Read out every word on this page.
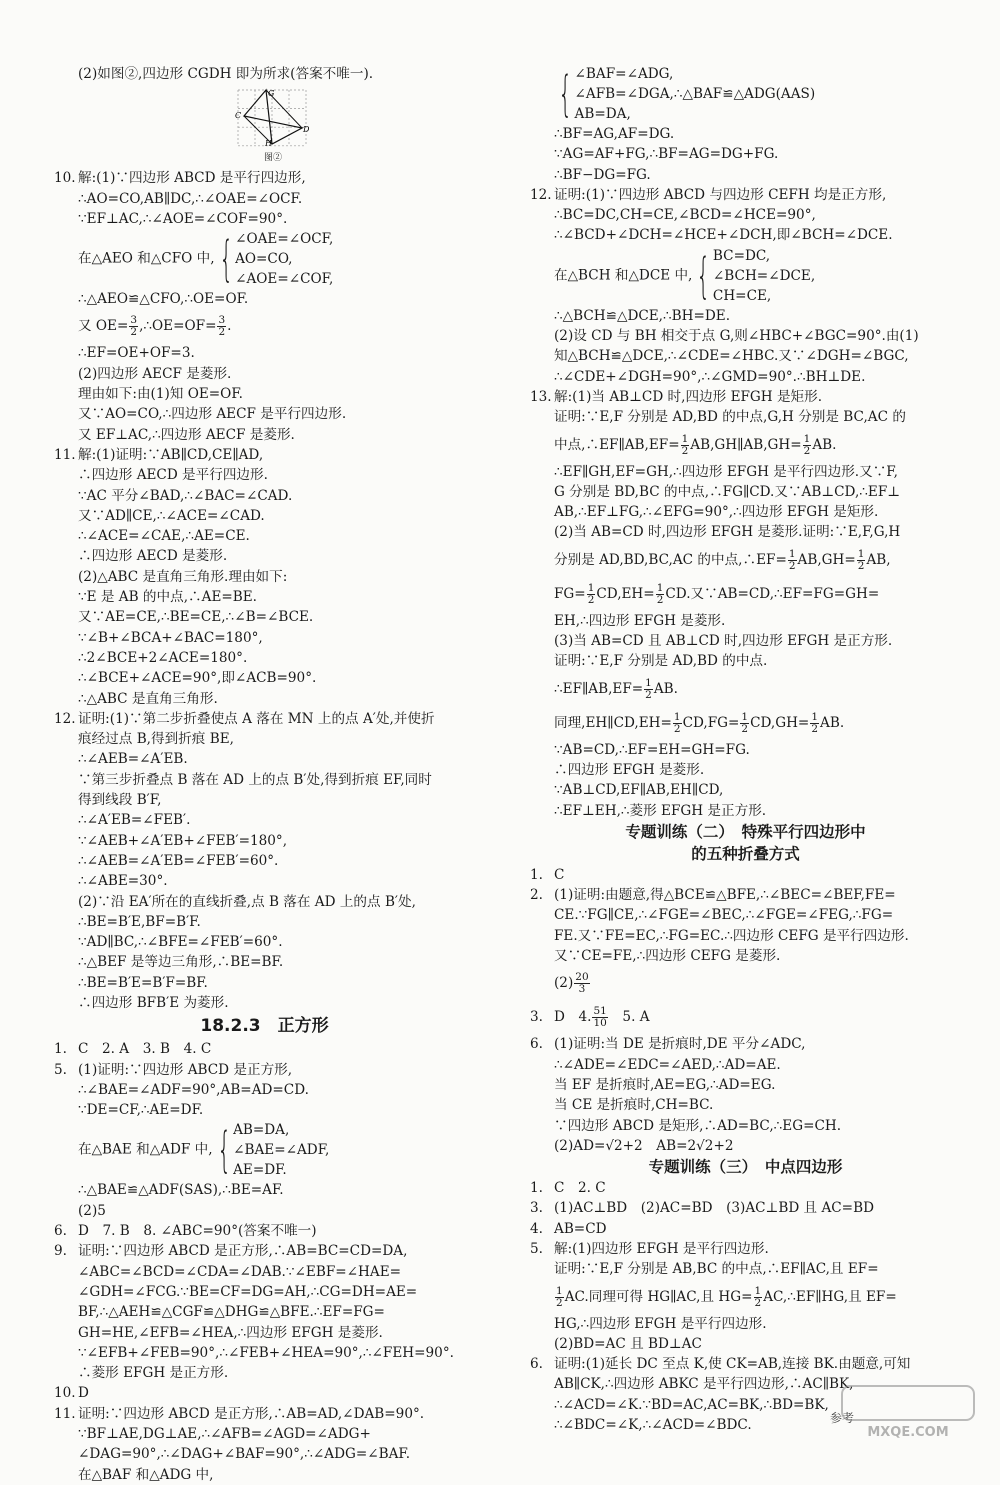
(2)如图②,四边形 CGDH 即为所求(答案不唯一).
G
C
D
H
图②
10. 解:(1)∵四边形 ABCD 是平行四边形,
∴AO=CO,AB∥DC,∴∠OAE=∠OCF.
∵EF⊥AC,∴∠AOE=∠COF=90°.
在△AEO 和△CFO 中, { ∠OAE=∠OCF,
AO=CO,
∠AOE=∠COF,
∴△AEO≌△CFO,∴OE=OF.
又 $OE= \frac{3}{2}$ ,∴OE=OF= $\frac{3}{2}$ .
∴EF=OE+OF=3.
(2)四边形 AECF 是菱形.
理由如下:由(1)知 OE=OF.
又∵AO=CO,∴四边形 AECF 是平行四边形.
又 EF⊥AC,∴四边形 AECF 是菱形.
11. 解:(1)证明:∵AB∥CD,CE∥AD,
∴四边形 AECD 是平行四边形.
∵AC 平分∠BAD,∴∠BAC=∠CAD.
又∵AD∥CE,∴∠ACE=∠CAD.
∴∠ACE=∠CAE,∴AE=CE.
∴四边形 AECD 是菱形.
(2)△ABC 是直角三角形.理由如下:
∵E 是 AB 的中点,∴AE=BE.
又∵AE=CE,∴BE=CE,∴∠B=∠BCE.
∵∠B+∠BCA+∠BAC=180°,
∴2∠BCE+2∠ACE=180°.
∴∠BCE+∠ACE=90°,即∠ACB=90°.
∴△ABC 是直角三角形.
12. 证明:(1)∵第二步折叠使点 A 落在 MN 上的点 A′处,并使折
痕经过点 B,得到折痕 BE,
∴∠AEB=∠A′EB.
∵第三步折叠点 B 落在 AD 上的点 B′处,得到折痕 EF,同时
得到线段 B′F,
∴∠A′EB=∠FEB′.
∵∠AEB+∠A′EB+∠FEB′=180°,
∴∠AEB=∠A′EB=∠FEB′=60°.
∴∠ABE=30°.
(2)∵沿 EA′所在的直线折叠,点 B 落在 AD 上的点 B′处,
∴BE=B′E,BF=B′F.
∵AD∥BC,∴∠BFE=∠FEB′=60°.
∴△BEF 是等边三角形,∴BE=BF.
∴BE=B′E=B′F=BF.
∴四边形 BFB′E 为菱形.
18.2.3　正方形
1. C　2. A　3. B　4. C
5. (1)证明:∵四边形 ABCD 是正方形,
∴∠BAE=∠ADF=90°,AB=AD=CD.
∵DE=CF,∴AE=DF.
在△BAE 和△ADF 中, { AB=DA,
∠BAE=∠ADF,
AE=DF.
∴△BAE≌△ADF(SAS),∴BE=AF.
(2)5
6. D　7. B　8. ∠ABC=90°(答案不唯一)
9. 证明:∵四边形 ABCD 是正方形,∴AB=BC=CD=DA,
∠ABC=∠BCD=∠CDA=∠DAB.∵∠EBF=∠HAE=
∠GDH=∠FCG.∵BE=CF=DG=AH,∴CG=DH=AE=
BF,∴△AEH≌△CGF≌△DHG≌△BFE.∴EF=FG=
GH=HE,∠EFB=∠HEA,∴四边形 EFGH 是菱形.
∵∠EFB+∠FEB=90°,∴∠FEB+∠HEA=90°,∴∠FEH=90°.
∴菱形 EFGH 是正方形.
10. D
11. 证明:∵四边形 ABCD 是正方形,∴AB=AD,∠DAB=90°.
∵BF⊥AE,DG⊥AE,∴∠AFB=∠AGD=∠ADG+
∠DAG=90°,∴∠DAG+∠BAF=90°,∴∠ADG=∠BAF.
在△BAF 和△ADG 中,
{ ∠BAF=∠ADG,
∠AFB=∠DGA,∴△BAF≌△ADG(AAS)
AB=DA,
∴BF=AG,AF=DG.
∵AG=AF+FG,∴BF=AG=DG+FG.
∴BF−DG=FG.
12. 证明:(1)∵四边形 ABCD 与四边形 CEFH 均是正方形,
∴BC=DC,CH=CE,∠BCD=∠HCE=90°,
∴∠BCD+∠DCH=∠HCE+∠DCH,即∠BCH=∠DCE.
在△BCH 和△DCE 中, { BC=DC,
∠BCH=∠DCE,
CH=CE,
∴△BCH≌△DCE,∴BH=DE.
(2)设 CD 与 BH 相交于点 G,则∠HBC+∠BGC=90°.由(1)
知△BCH≌△DCE,∴∠CDE=∠HBC.又∵∠DGH=∠BGC,
∴∠CDE+∠DGH=90°,∴∠GMD=90°.∴BH⊥DE.
13. 解:(1)当 AB⊥CD 时,四边形 EFGH 是矩形.
证明:∵E,F 分别是 AD,BD 的中点,G,H 分别是 BC,AC 的
中点,∴EF∥AB,EF= $\frac{1}{2}$ AB,GH∥AB,GH= $\frac{1}{2}$ AB.
∴EF∥GH,EF=GH,∴四边形 EFGH 是平行四边形.又∵F,
G 分别是 BD,BC 的中点,∴FG∥CD.又∵AB⊥CD,∴EF⊥
AB,∴EF⊥FG,∴∠EFG=90°,∴四边形 EFGH 是矩形.
(2)当 AB=CD 时,四边形 EFGH 是菱形.证明:∵E,F,G,H
分别是 AD,BD,BC,AC 的中点,∴EF= $\frac{1}{2} AB,GH= \frac{1}{2}$ AB,
$FG= \frac{1}{2} CD,EH= \frac{1}{2}$ CD.又∵AB=CD,∴EF=FG=GH=
EH,∴四边形 EFGH 是菱形.
(3)当 AB=CD 且 AB⊥CD 时,四边形 EFGH 是正方形.
证明:∵E,F 分别是 AD,BD 的中点.
∴EF∥AB,EF= $\frac{1}{2}$ AB.
同理,EH∥CD,EH= $\frac{1}{2} CD,FG= \frac{1}{2} CD,GH= \frac{1}{2}$ AB.
∵AB=CD,∴EF=EH=GH=FG.
∴四边形 EFGH 是菱形.
∵AB⊥CD,EF∥AB,EH∥CD,
∴EF⊥EH,∴菱形 EFGH 是正方形.
专题训练（二）　特殊平行四边形中
的五种折叠方式
1. C
2. (1)证明:由题意,得△BCE≌△BFE,∴∠BEC=∠BEF,FE=
CE.∵FG∥CE,∴∠FGE=∠BEC,∴∠FGE=∠FEG,∴FG=
FE.又∵FE=EC,∴FG=EC.∴四边形 CEFG 是平行四边形.
又∵CE=FE,∴四边形 CEFG 是菱形.
$(2) \frac{20}{3}$
3. D　4. $\frac{51}{10}$ 　5. A
6. (1)证明:当 DE 是折痕时,DE 平分∠ADC,
∴∠ADE=∠EDC=∠AED,∴AD=AE.
当 EF 是折痕时,AE=EG,∴AD=EG.
当 CE 是折痕时,CH=BC.
∵四边形 ABCD 是矩形,∴AD=BC,∴EG=CH.
(2)AD=√2+2　AB=2√2+2
专题训练（三）　中点四边形
1. C　2. C
3. (1)AC⊥BD　(2)AC=BD　(3)AC⊥BD 且 AC=BD
4. AB=CD
5. 解:(1)四边形 EFGH 是平行四边形.
证明:∵E,F 分别是 AB,BC 的中点,∴EF∥AC,且 EF=
$\frac{1}{2}$ AC.同理可得 HG∥AC,且 $HG= \frac{1}{2}$ AC,∴EF∥HG,且 EF=
HG,∴四边形 EFGH 是平行四边形.
(2)BD=AC 且 BD⊥AC
6. 证明:(1)延长 DC 至点 K,使 CK=AB,连接 BK.由题意,可知
AB∥CK,∴四边形 ABKC 是平行四边形,∴AC∥BK,
∴∠ACD=∠K.∵BD=AC,AC=BK,∴BD=BK,
∴∠BDC=∠K,∴∠ACD=∠BDC.	参考
MXQE.COM
